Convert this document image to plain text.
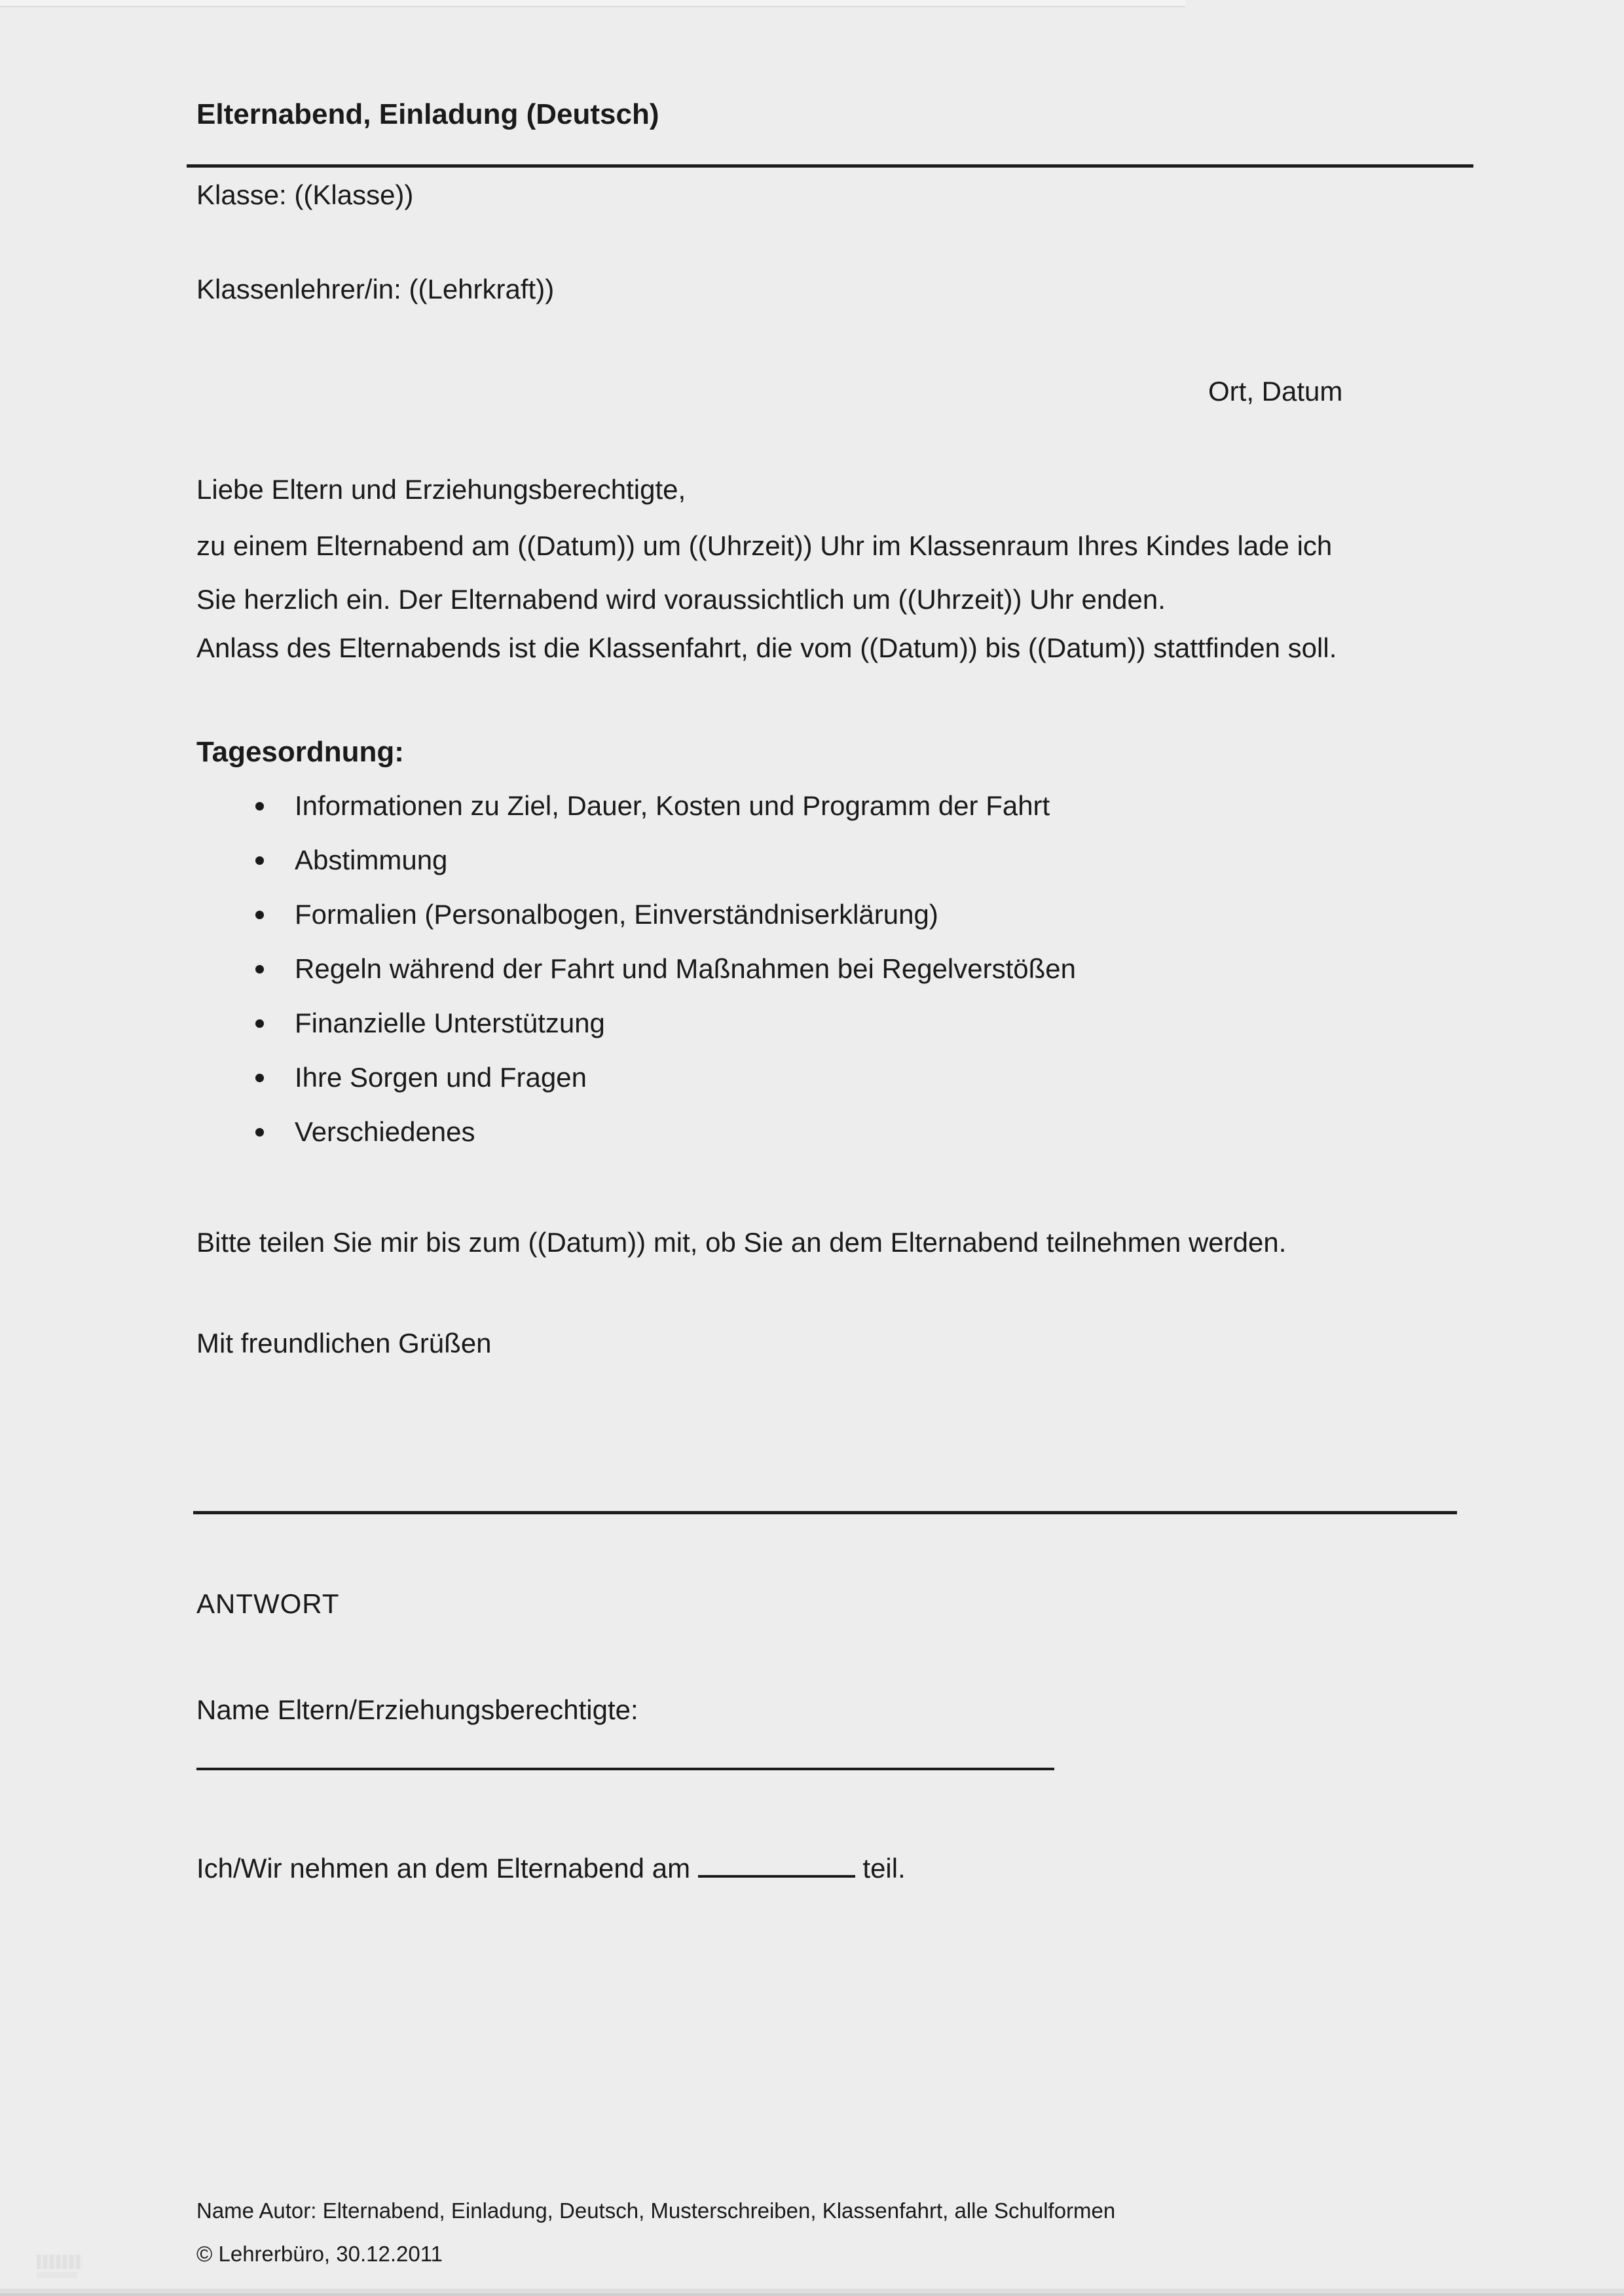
Elternabend, Einladung (Deutsch)
Klasse: ((Klasse))
Klassenlehrer/in: ((Lehrkraft))
Ort, Datum
Liebe Eltern und Erziehungsberechtigte,
zu einem Elternabend am ((Datum)) um ((Uhrzeit)) Uhr im Klassenraum Ihres Kindes lade ich
Sie herzlich ein. Der Elternabend wird voraussichtlich um ((Uhrzeit)) Uhr enden.
Anlass des Elternabends ist die Klassenfahrt, die vom ((Datum)) bis ((Datum)) stattfinden soll.
Tagesordnung:
Informationen zu Ziel, Dauer, Kosten und Programm der Fahrt
Abstimmung
Formalien (Personalbogen, Einverständniserklärung)
Regeln während der Fahrt und Maßnahmen bei Regelverstößen
Finanzielle Unterstützung
Ihre Sorgen und Fragen
Verschiedenes
Bitte teilen Sie mir bis zum ((Datum)) mit, ob Sie an dem Elternabend teilnehmen werden.
Mit freundlichen Grüßen
ANTWORT
Name Eltern/Erziehungsberechtigte:
Ich/Wir nehmen an dem Elternabend am	teil.
Name Autor: Elternabend, Einladung, Deutsch, Musterschreiben, Klassenfahrt, alle Schulformen
© Lehrerbüro, 30.12.2011
